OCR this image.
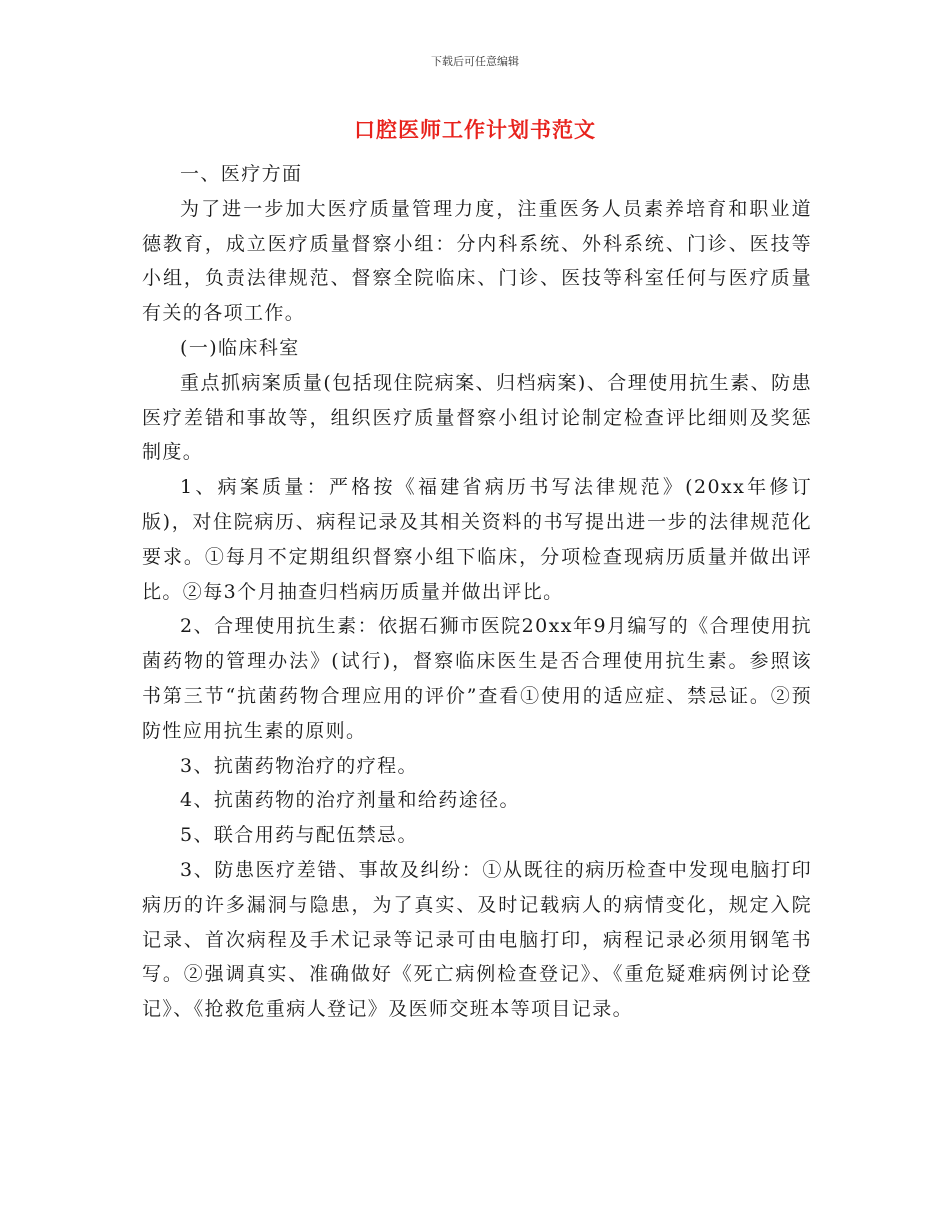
下载后可任意编辑
口腔医师工作计划书范文

一、医疗方面

为了进一步加大医疗质量管理力度，注重医务人员素养培育和职业道德教育，成立医疗质量督察小组：分内科系统、外科系统、门诊、医技等小组，负责法律规范、督察全院临床、门诊、医技等科室任何与医疗质量有关的各项工作。

(一)临床科室

重点抓病案质量(包括现住院病案、归档病案)、合理使用抗生素、防患医疗差错和事故等，组织医疗质量督察小组讨论制定检查评比细则及奖惩制度。

1、病案质量：严格按《福建省病历书写法律规范》(20xx年修订版)，对住院病历、病程记录及其相关资料的书写提出进一步的法律规范化要求。①每月不定期组织督察小组下临床，分项检查现病历质量并做出评比。②每3个月抽查归档病历质量并做出评比。

2、合理使用抗生素：依据石狮市医院20xx年9月编写的《合理使用抗菌药物的管理办法》(试行)，督察临床医生是否合理使用抗生素。参照该书第三节“抗菌药物合理应用的评价”查看①使用的适应症、禁忌证。②预防性应用抗生素的原则。

3、抗菌药物治疗的疗程。

4、抗菌药物的治疗剂量和给药途径。

5、联合用药与配伍禁忌。

3、防患医疗差错、事故及纠纷：①从既往的病历检查中发现电脑打印病历的许多漏洞与隐患，为了真实、及时记载病人的病情变化，规定入院记录、首次病程及手术记录等记录可由电脑打印，病程记录必须用钢笔书写。②强调真实、准确做好《死亡病例检查登记》、《重危疑难病例讨论登记》、《抢救危重病人登记》及医师交班本等项目记录。
